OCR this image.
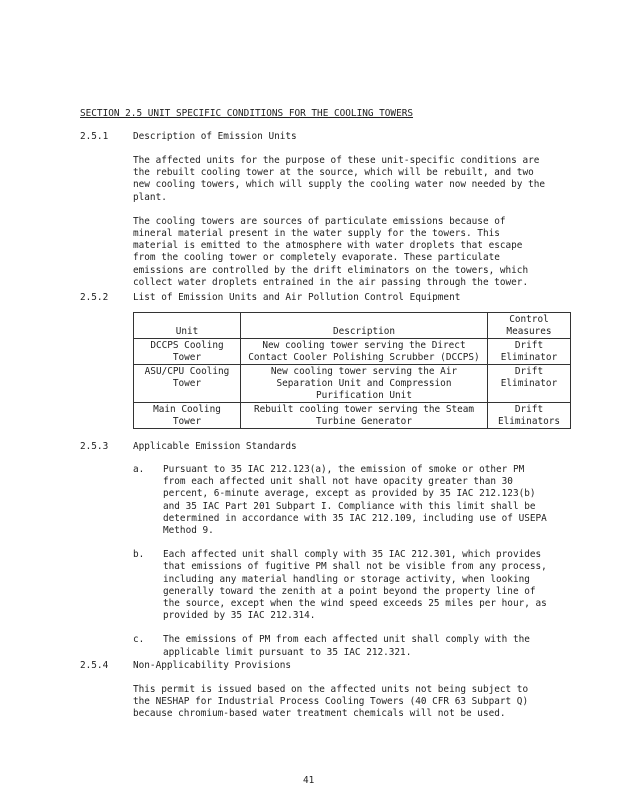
SECTION 2.5 UNIT SPECIFIC CONDITIONS FOR THE COOLING TOWERS
2.5.1	Description of Emission Units

The affected units for the purpose of these unit-specific conditions are the rebuilt cooling tower at the source, which will be rebuilt, and two new cooling towers, which will supply the cooling water now needed by the plant.

The cooling towers are sources of particulate emissions because of mineral material present in the water supply for the towers. This material is emitted to the atmosphere with water droplets that escape from the cooling tower or completely evaporate. These particulate emissions are controlled by the drift eliminators on the towers, which collect water droplets entrained in the air passing through the tower.

2.5.2	List of Emission Units and Air Pollution Control Equipment
Unit	Description	Control Measures
DCCPS Cooling Tower	New cooling tower serving the Direct Contact Cooler Polishing Scrubber (DCCPS)	Drift Eliminator
ASU/CPU Cooling Tower	New cooling tower serving the Air Separation Unit and Compression Purification Unit	Drift Eliminator
Main Cooling Tower	Rebuilt cooling tower serving the Steam Turbine Generator	Drift Eliminators
2.5.3	Applicable Emission Standards
a. Pursuant to 35 IAC 212.123(a), the emission of smoke or other PM from each affected unit shall not have opacity greater than 30 percent, 6-minute average, except as provided by 35 IAC 212.123(b) and 35 IAC Part 201 Subpart I. Compliance with this limit shall be determined in accordance with 35 IAC 212.109, including use of USEPA Method 9.
b. Each affected unit shall comply with 35 IAC 212.301, which provides that emissions of fugitive PM shall not be visible from any process, including any material handling or storage activity, when looking generally toward the zenith at a point beyond the property line of the source, except when the wind speed exceeds 25 miles per hour, as provided by 35 IAC 212.314.
c. The emissions of PM from each affected unit shall comply with the applicable limit pursuant to 35 IAC 212.321.
2.5.4	Non-Applicability Provisions
This permit is issued based on the affected units not being subject to the NESHAP for Industrial Process Cooling Towers (40 CFR 63 Subpart Q) because chromium-based water treatment chemicals will not be used.
41
